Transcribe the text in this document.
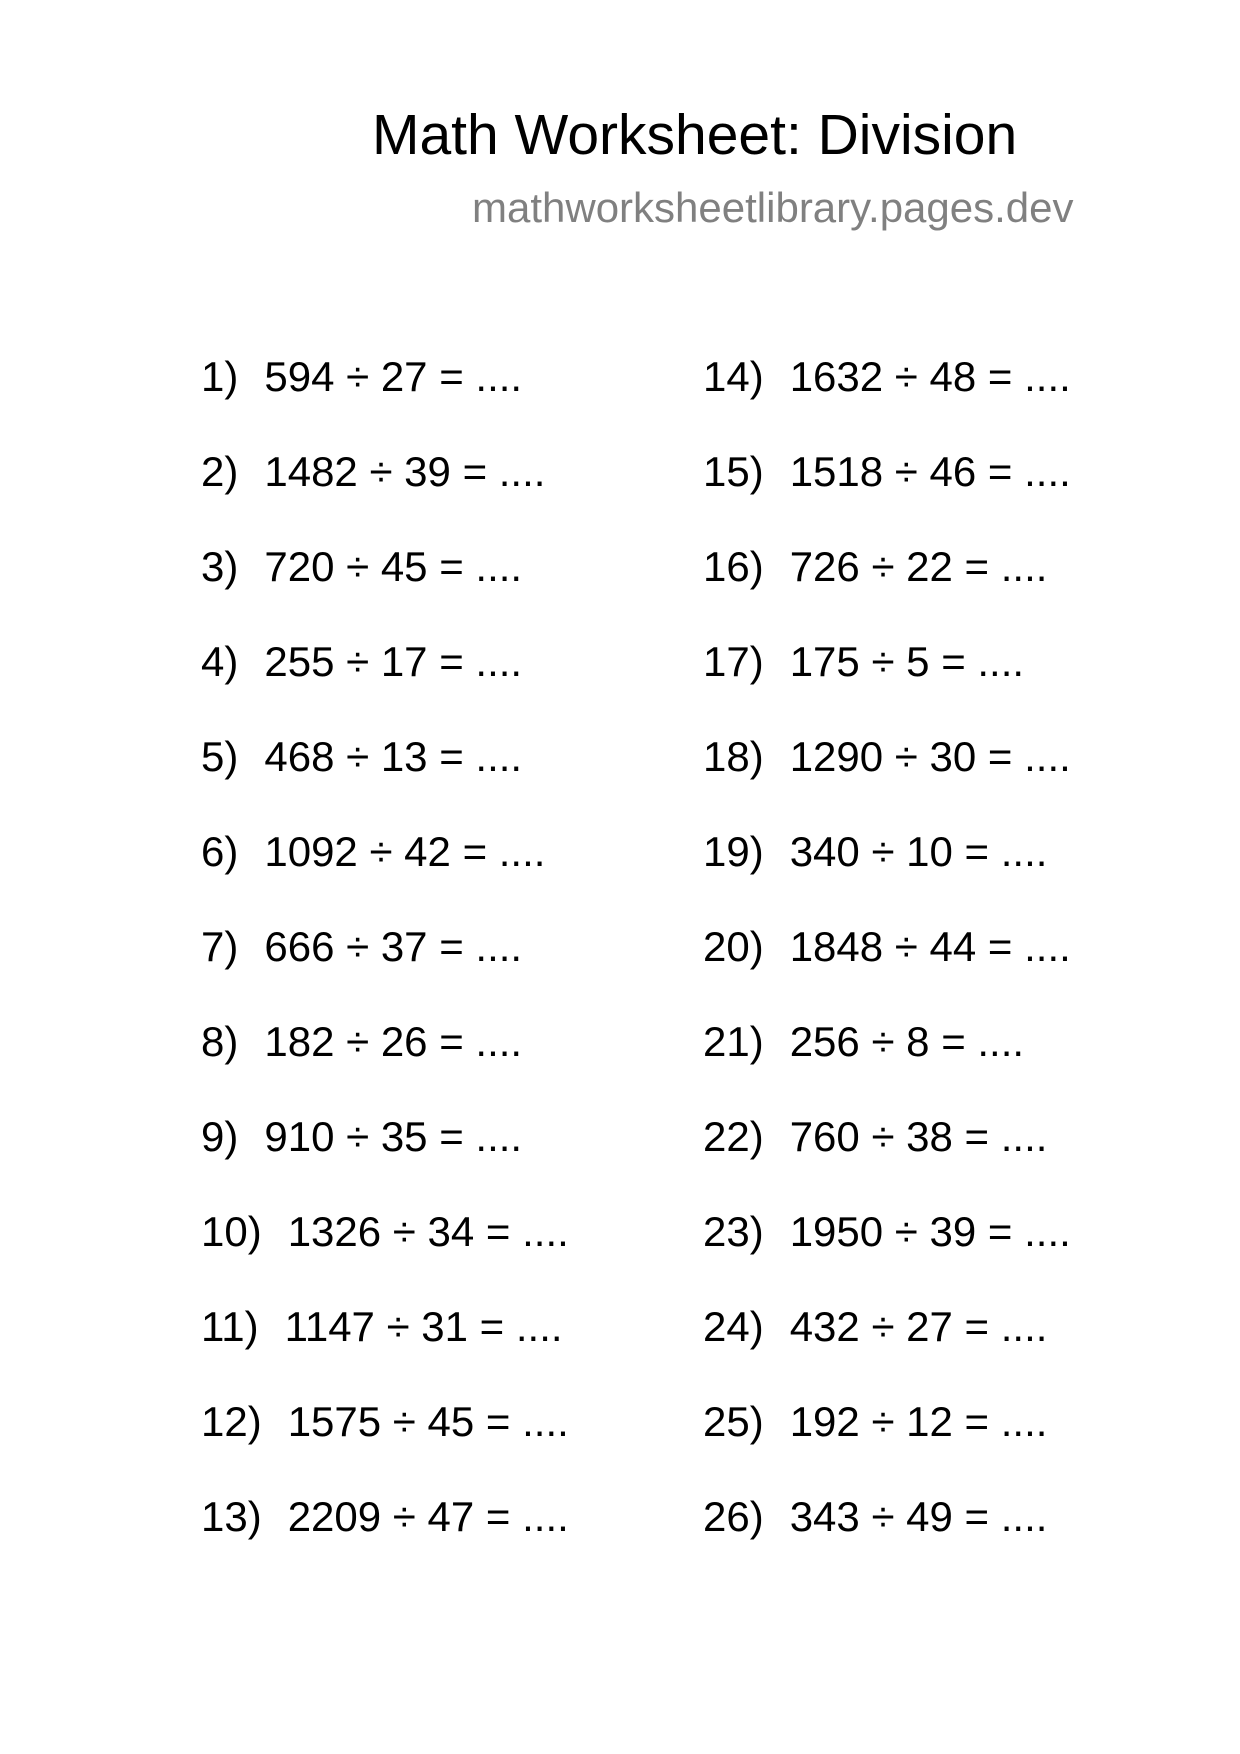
Math Worksheet: Division
mathworksheetlibrary.pages.dev
1) 594 ÷ 27 = ....
2) 1482 ÷ 39 = ....
3) 720 ÷ 45 = ....
4) 255 ÷ 17 = ....
5) 468 ÷ 13 = ....
6) 1092 ÷ 42 = ....
7) 666 ÷ 37 = ....
8) 182 ÷ 26 = ....
9) 910 ÷ 35 = ....
10) 1326 ÷ 34 = ....
11) 1147 ÷ 31 = ....
12) 1575 ÷ 45 = ....
13) 2209 ÷ 47 = ....
14) 1632 ÷ 48 = ....
15) 1518 ÷ 46 = ....
16) 726 ÷ 22 = ....
17) 175 ÷ 5 = ....
18) 1290 ÷ 30 = ....
19) 340 ÷ 10 = ....
20) 1848 ÷ 44 = ....
21) 256 ÷ 8 = ....
22) 760 ÷ 38 = ....
23) 1950 ÷ 39 = ....
24) 432 ÷ 27 = ....
25) 192 ÷ 12 = ....
26) 343 ÷ 49 = ....
